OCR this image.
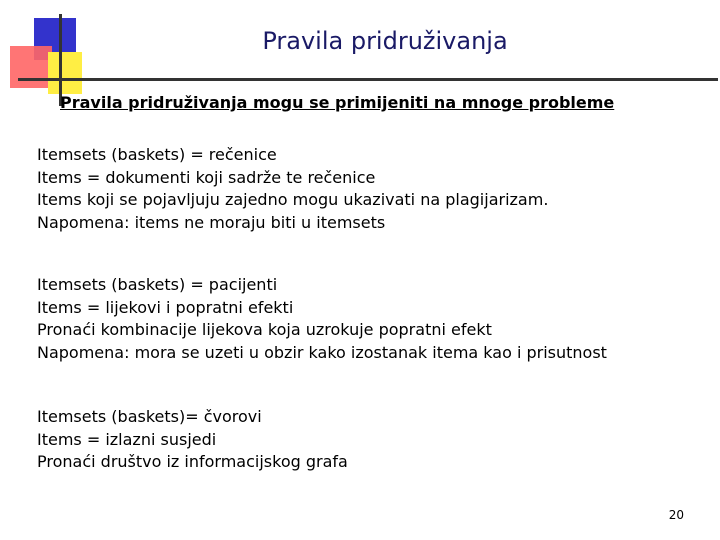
Pravila pridruživanja
Pravila pridruživanja mogu se primijeniti na mnoge probleme
Itemsets (baskets) = rečenice
Items = dokumenti koji sadrže te rečenice
Items koji se pojavljuju zajedno mogu ukazivati na plagijarizam.
Napomena: items ne moraju biti u itemsets
Itemsets (baskets) = pacijenti
Items = lijekovi i popratni efekti
Pronaći kombinacije lijekova koja uzrokuje popratni efekt
Napomena: mora se uzeti u obzir kako izostanak itema kao i prisutnost
Itemsets (baskets)= čvorovi
Items = izlazni susjedi
Pronaći društvo iz informacijskog grafa
20
